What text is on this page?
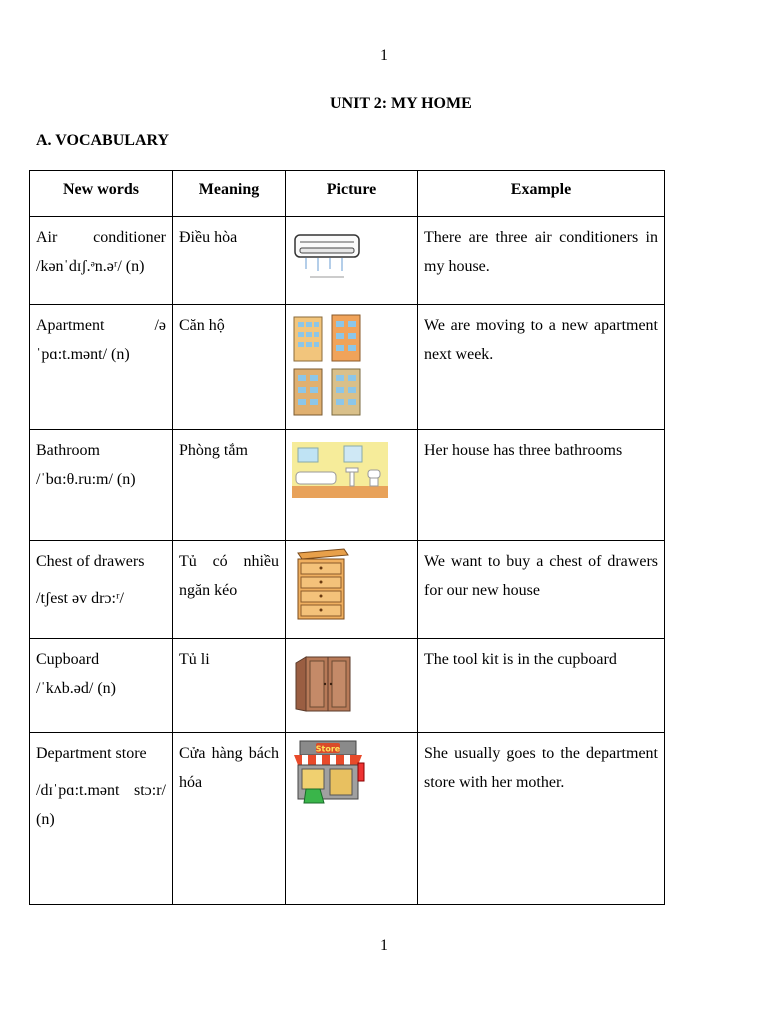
1
UNIT 2: MY HOME
A. VOCABULARY
New words	Meaning	Picture	Example

Air conditioner
/kənˈdɪʃ.ᵊn.əʳ/ (n)	Điều hòa		There are three air conditioners in my house.

Apartment /ə
ˈpɑ:t.mənt/ (n)	Căn hộ		We are moving to a new apartment next week.

Bathroom
/ˈbɑ:θ.ru:m/ (n)	Phòng tắm		Her house has three bathrooms

Chest of drawers
/tʃest əv drɔ:ʳ/	Tủ có nhiều ngăn kéo		We want to buy a chest of drawers for our new house

Cupboard
/ˈkʌb.əd/ (n)	Tủ li		The tool kit is in the cupboard

Department store
/dɪˈpɑ:t.mənt stɔ:r/
(n)	Cửa hàng bách hóa	Store	She usually goes to the department store with her mother.
1
